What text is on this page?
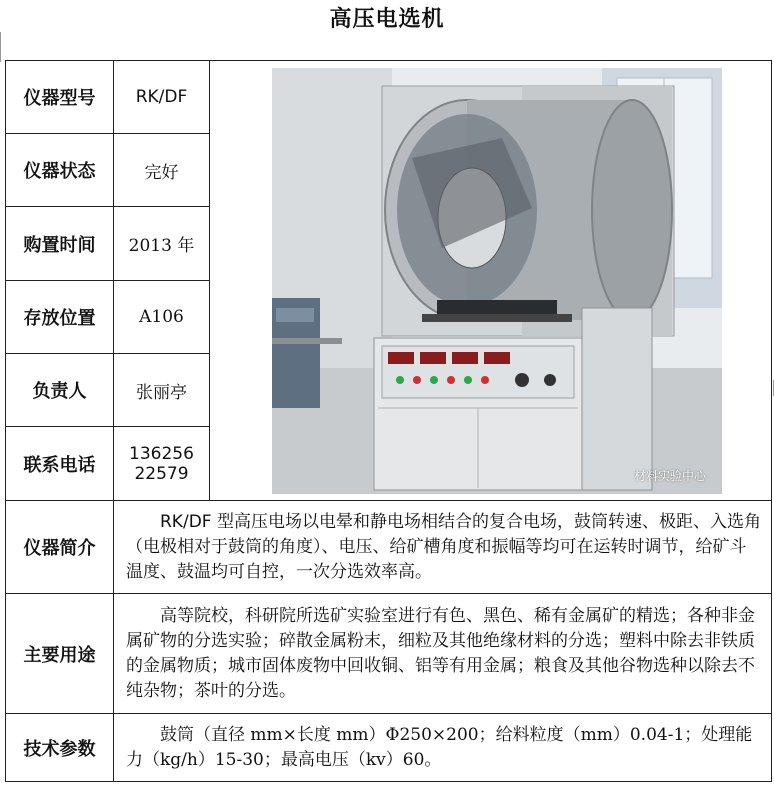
高压电选机
仪器型号	RK/DF	材料实验中心

仪器状态	完好	
购置时间	2013 年	
存放位置	A106	
负责人	张丽亭	
联系电话	136256
22579	

仪器简介	RK/DF 型高压电场以电晕和静电场相结合的复合电场，鼓筒转速、极距、入选角（电极相对于鼓筒的角度）、电压、给矿槽角度和振幅等均可在运转时调节，给矿斗温度、鼓温均可自控，一次分选效率高。	

主要用途	高等院校，科研院所选矿实验室进行有色、黑色、稀有金属矿的精选；各种非金属矿物的分选实验；碎散金属粉末，细粒及其他绝缘材料的分选；塑料中除去非铁质的金属物质；城市固体废物中回收铜、铝等有用金属；粮食及其他谷物选种以除去不纯杂物；茶叶的分选。	

技术参数	鼓筒（直径 mm×长度 mm）Φ250×200；给料粒度（mm）0.04-1；处理能力（kg/h）15-30；最高电压（kv）60。	
